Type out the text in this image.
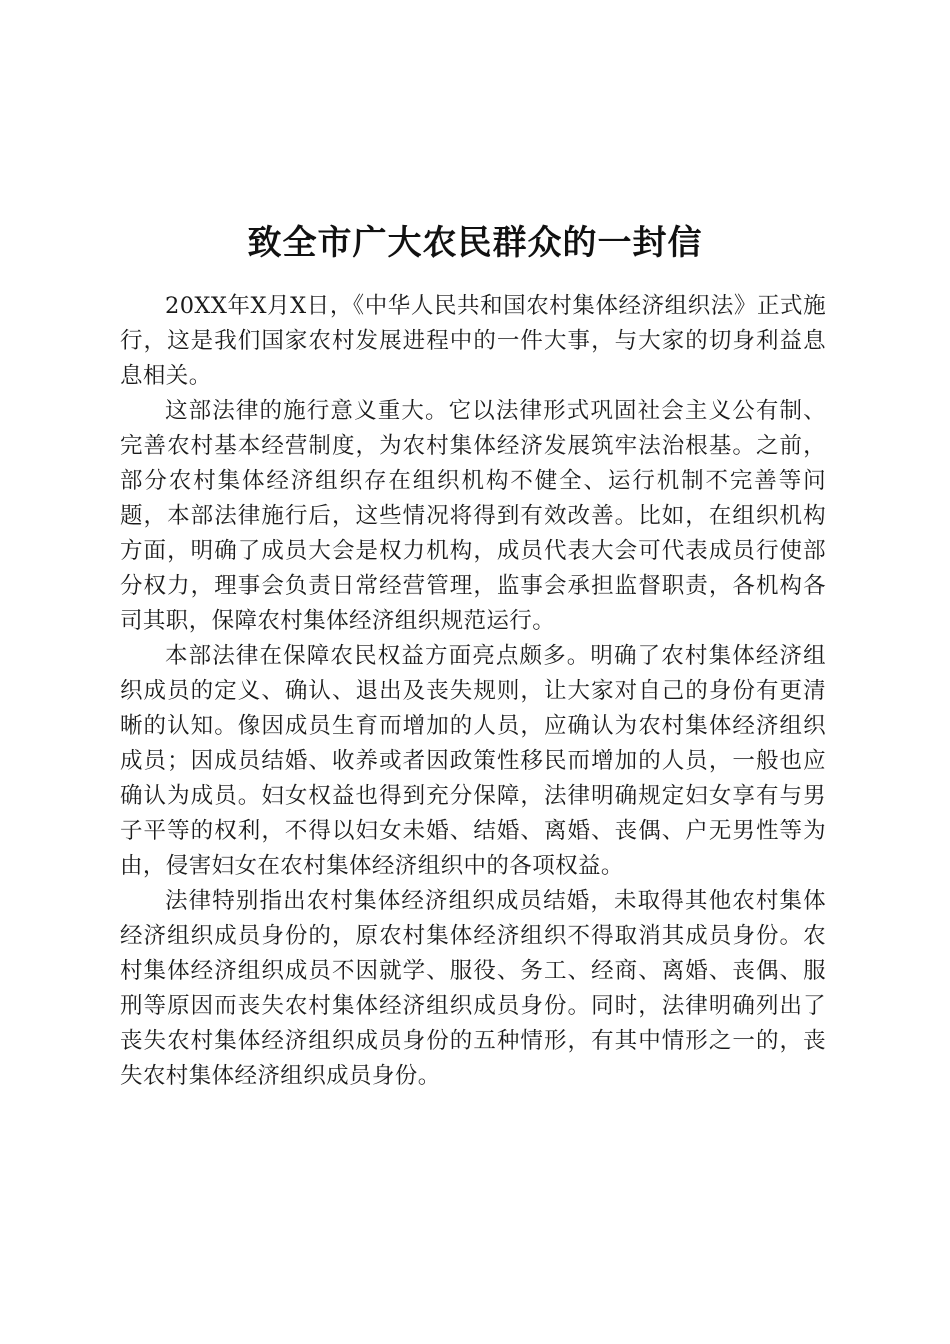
致全市广大农民群众的一封信

20XX年X月X日，《中华人民共和国农村集体经济组织法》正式施行，这是我们国家农村发展进程中的一件大事，与大家的切身利益息息相关。

这部法律的施行意义重大。它以法律形式巩固社会主义公有制、完善农村基本经营制度，为农村集体经济发展筑牢法治根基。之前，部分农村集体经济组织存在组织机构不健全、运行机制不完善等问题，本部法律施行后，这些情况将得到有效改善。比如，在组织机构方面，明确了成员大会是权力机构，成员代表大会可代表成员行使部分权力，理事会负责日常经营管理，监事会承担监督职责，各机构各司其职，保障农村集体经济组织规范运行。

本部法律在保障农民权益方面亮点颇多。明确了农村集体经济组织成员的定义、确认、退出及丧失规则，让大家对自己的身份有更清晰的认知。像因成员生育而增加的人员，应确认为农村集体经济组织成员；因成员结婚、收养或者因政策性移民而增加的人员，一般也应确认为成员。妇女权益也得到充分保障，法律明确规定妇女享有与男子平等的权利，不得以妇女未婚、结婚、离婚、丧偶、户无男性等为由，侵害妇女在农村集体经济组织中的各项权益。

法律特别指出农村集体经济组织成员结婚，未取得其他农村集体经济组织成员身份的，原农村集体经济组织不得取消其成员身份。农村集体经济组织成员不因就学、服役、务工、经商、离婚、丧偶、服刑等原因而丧失农村集体经济组织成员身份。同时，法律明确列出了丧失农村集体经济组织成员身份的五种情形，有其中情形之一的，丧失农村集体经济组织成员身份。
